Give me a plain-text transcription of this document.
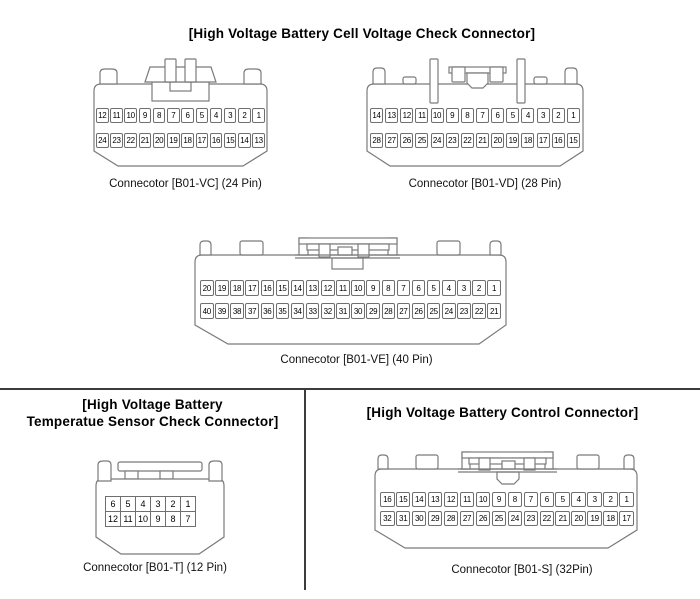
[High Voltage Battery Cell Voltage Check Connector]
12 11 10 9	8	7	6	5	4	3	2	1
24 23 22 21 20 19 18 17 16 15 14 13
Connecotor [B01-VC] (24 Pin)
14 13 12 11 10	9	8	7	6	5	4	3	2	1
28 27 26 25 24 23 22 21 20 19 18 17 16 15
Connecotor [B01-VD] (28 Pin)
20 19 18 17 16 15 14 13 12 11 10	9	8	7	6	5	4	3	2	1
40 39 38 37 36 35 34 33 32 31 30 29 28 27 26 25 24 23 22 21
Connecotor [B01-VE] (40 Pin)
[High Voltage Battery
Temperatue Sensor Check Connector]
6	5	4	3	2	1
12 11 10 9	8	7
Connecotor [B01-T] (12 Pin)
[High Voltage Battery Control Connector]
16 15 14 13 12 11 10	9	8	7	6	5	4	3	2	1
32 31 30 29 28 27 26 25 24 23 22 21 20 19 18 17
Connecotor [B01-S] (32Pin)
